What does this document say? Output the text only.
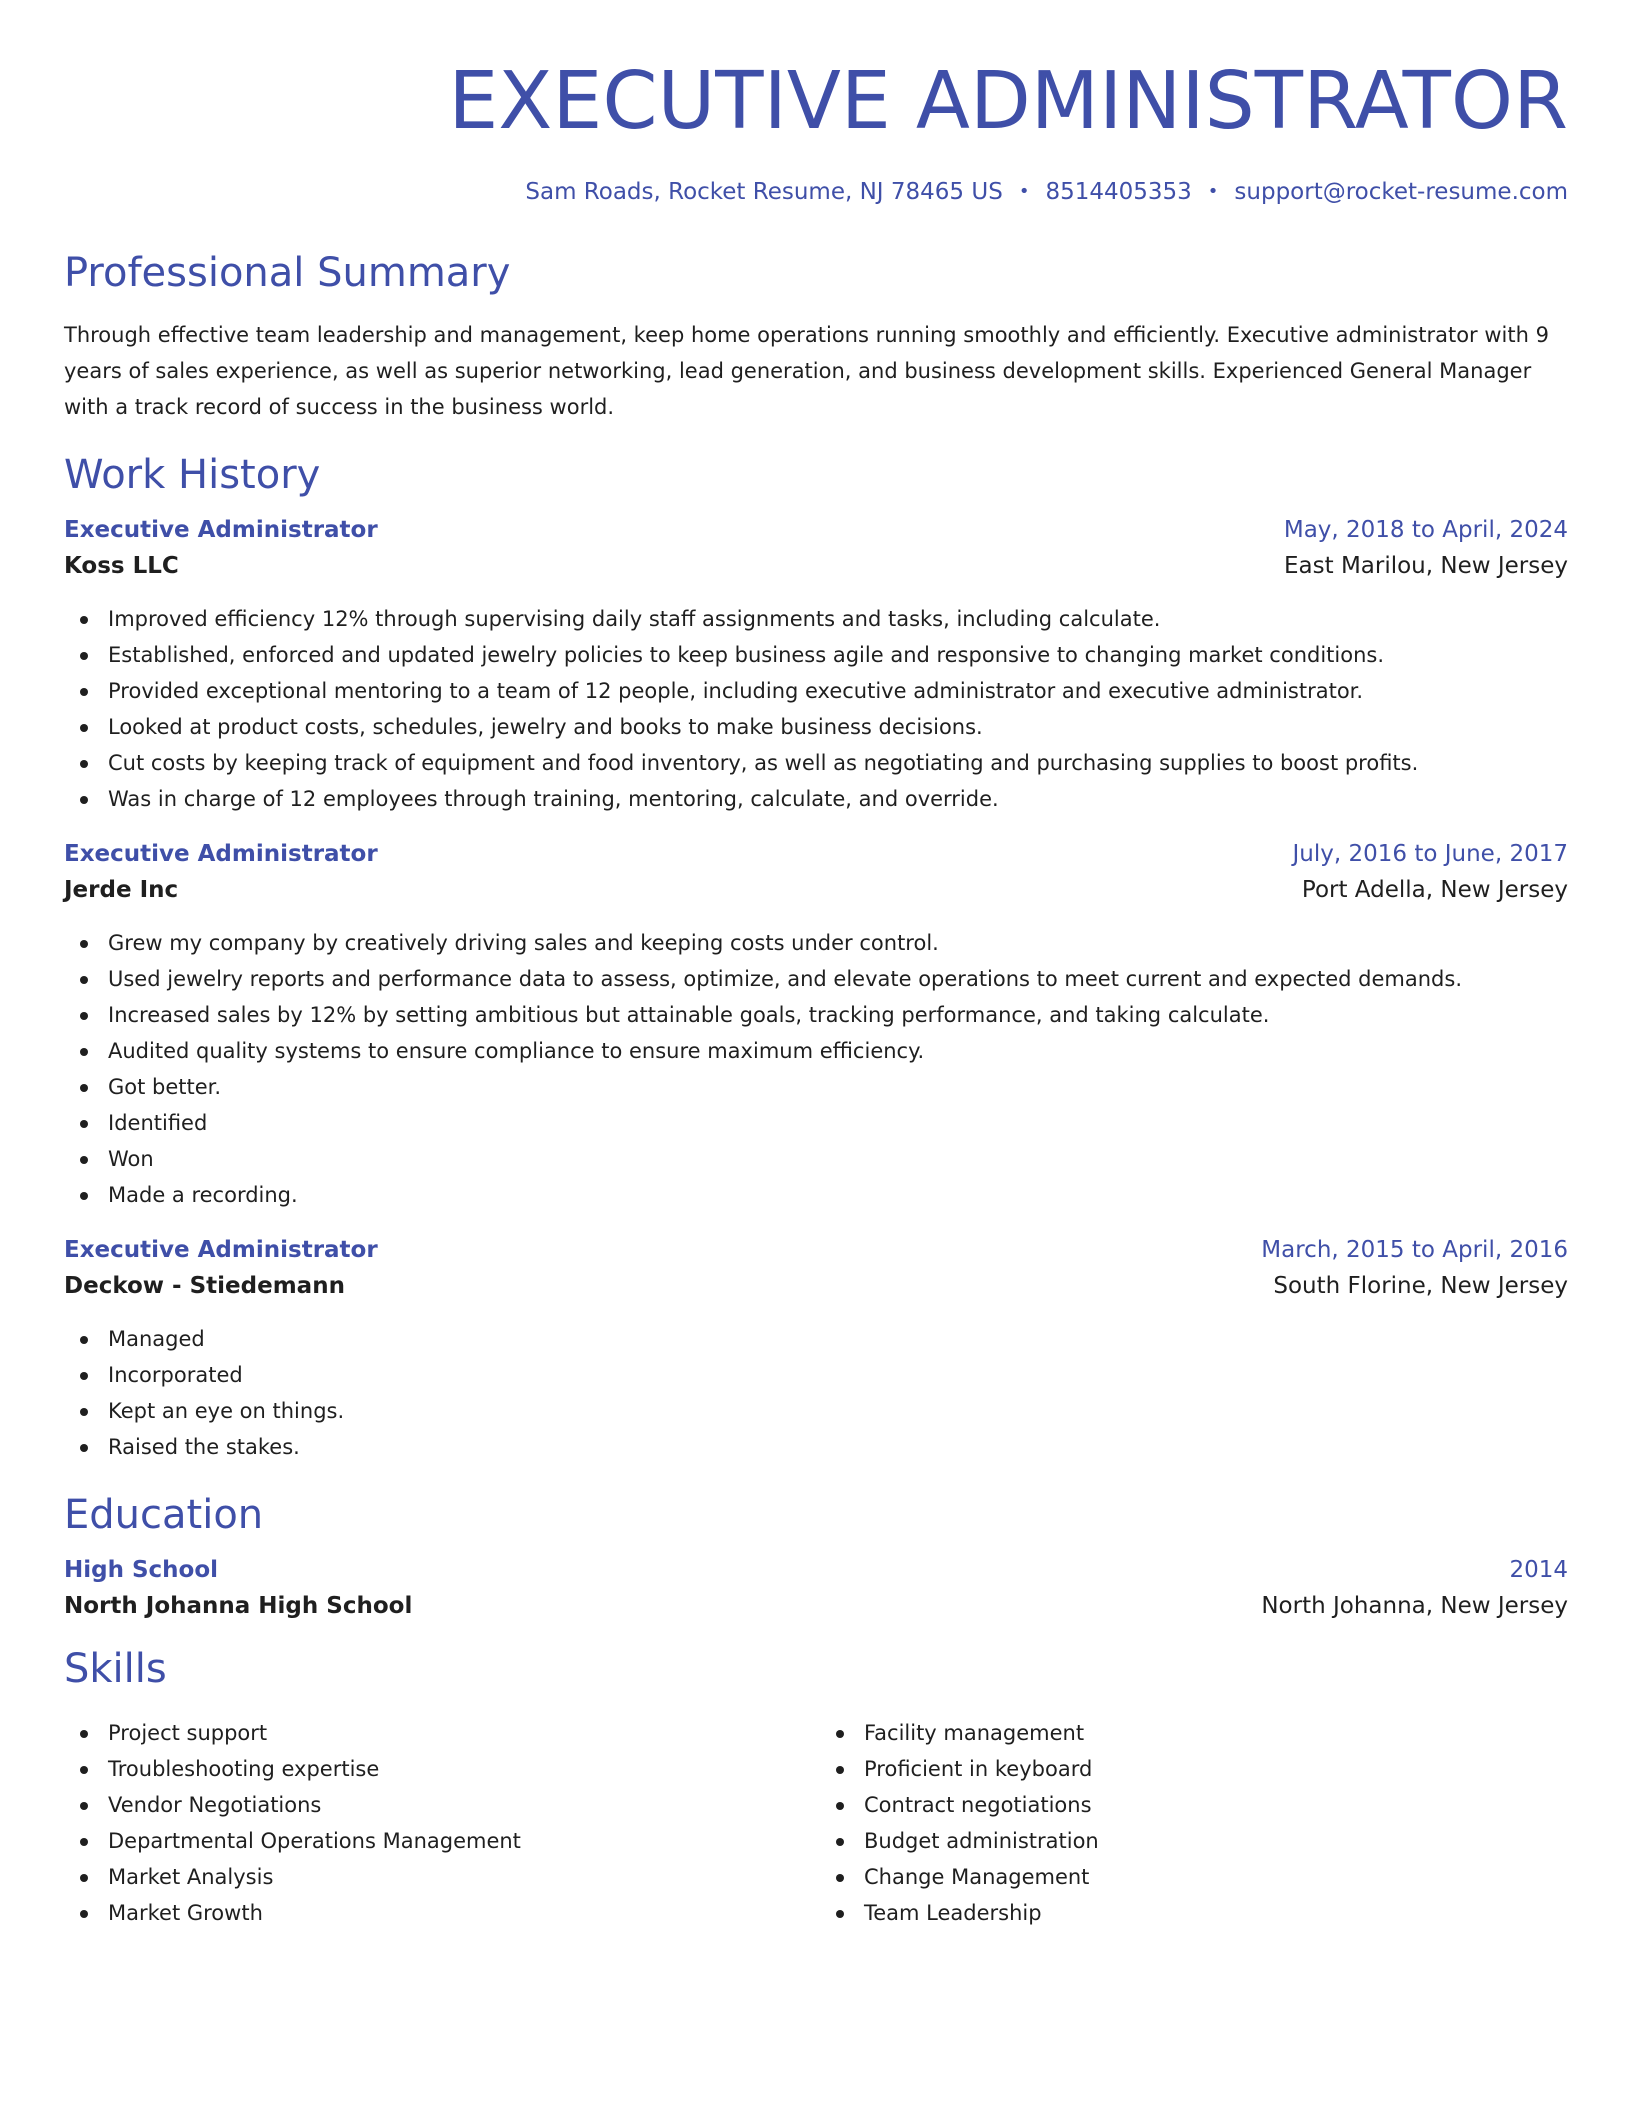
EXECUTIVE ADMINISTRATOR
Sam Roads, Rocket Resume, NJ 78465 US • 8514405353 • support@rocket-resume.com
Professional Summary

Through effective team leadership and management, keep home operations running smoothly and efficiently. Executive administrator with 9 years of sales experience, as well as superior networking, lead generation, and business development skills. Experienced General Manager with a track record of success in the business world.

Work History
Executive Administrator	May, 2018 to April, 2024
Koss LLC	East Marilou, New Jersey
Improved efficiency 12% through supervising daily staff assignments and tasks, including calculate.
Established, enforced and updated jewelry policies to keep business agile and responsive to changing market conditions.
Provided exceptional mentoring to a team of 12 people, including executive administrator and executive administrator.
Looked at product costs, schedules, jewelry and books to make business decisions.
Cut costs by keeping track of equipment and food inventory, as well as negotiating and purchasing supplies to boost profits.
Was in charge of 12 employees through training, mentoring, calculate, and override.
Executive Administrator	July, 2016 to June, 2017
Jerde Inc	Port Adella, New Jersey
Grew my company by creatively driving sales and keeping costs under control.
Used jewelry reports and performance data to assess, optimize, and elevate operations to meet current and expected demands.
Increased sales by 12% by setting ambitious but attainable goals, tracking performance, and taking calculate.
Audited quality systems to ensure compliance to ensure maximum efficiency.
Got better.
Identified
Won
Made a recording.
Executive Administrator	March, 2015 to April, 2016
Deckow - Stiedemann	South Florine, New Jersey
Managed
Incorporated
Kept an eye on things.
Raised the stakes.
Education
High School	2014
North Johanna High School	North Johanna, New Jersey
Skills
Project support
Troubleshooting expertise
Vendor Negotiations
Departmental Operations Management
Market Analysis
Market Growth
Facility management
Proficient in keyboard
Contract negotiations
Budget administration
Change Management
Team Leadership
